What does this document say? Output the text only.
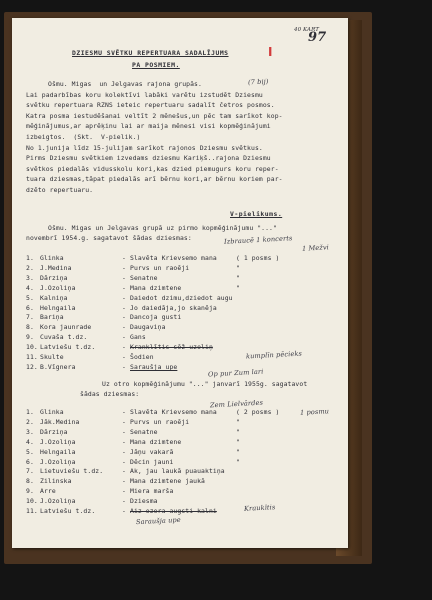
40 KART
97
I
DZIESMU SVĒTKU REPERTUARA SADALĪJUMS
PA POSMIEM.
Ošmu. Migas  un Jelgavas rajona grupās.
Lai padarbības koru kolektīvi labāki varētu izstudēt Dziesmu
svētku repertuara RZNS ieteic repertuaru sadalīt četros posmos.
Katra posma iestudēšanai veltīt 2 mēnešus,un pēc tam sarīkot kop-
mēģinājumus,ar aprēķinu lai ar maija mēnesi visi kopmēģinājumi
izbeigtos.  (Skt.  V-pielik.)
No 1.junija līdz 15-julijam sarīkot rajonos Dziesmu svētkus.
Pirms Dziesmu svētkiem izvedams dziesmu Kariķš..rajona Dziesmu
svētkos piedalās vidusskolu kori,kas dzied piemugurs koru reper-
tuara dziesmas,tāpat piedalās arī bērnu kori,ar bērnu koriem par-
dzēto repertuaru.
(7 bij)
V-pielikums.
Ošmu. Migas un Jelgavas grupā uz pirmo kopmēģinājumu "..."
novembrī 1954.g. sagatavot šādas dziesmas:	Izbraucē 1 koncerts
1 Mežvi
1. Glinka	Slavēta Krievsemo mana	( 1 posms )
-
2. J.Medina	Purvs un raoēji	"
-
3. Dārziņa	Senatne	"
-
4. J.Ozoliņa	Mana dzimtene	"
-
5. Kalniņa	Daiedot dzimu,dziedot augu
-
6. Helngaila	Jo daiedāja,jo skanēja
-
7. Bariņa	Dancoja gusti
-
8. Kora jaunrade	Daugaviņa
-
9. Cuvaša t.dz.	Gans
-
10. Latviešu t.dz.	Kranklītis sēž uzoliņ
-
11. Skulte	Šodien
-
12. B.Vīgnera	Saraušja upe
-
kumplīn pēcieks
Op pur Zum lari
Uz otro kopmēģinājumu "..." janvarī 1955g. sagatavot
šādas dziesmas:
Zem Lielvārdes
1 posmu
1. Glinka	Slavēta Krievsemo mana	( 2 posms )
-
2. Jāk.Medina	Purvs un raoēji	"
-
3. Dārziņa	Senatne	"
-
4. J.Ozoliņa	Mana dzimtene	"
-
5. Helngaila	Jāņu vakarā	"
-
6. J.Ozoliņa	Dēcin jauni	"
-
7. Lietuviešu t.dz.	Ak, jau laukā puauaktiņa
-
8. Zilinska	Mana dzimtene jaukā
-
9. Arre	Miera marša
-
10. J.Ozoliņa	Dziesma
-
11. Latviešu t.dz.	Aiz ozera augsti kalni
-	Kraukītis
Saraušja upe
